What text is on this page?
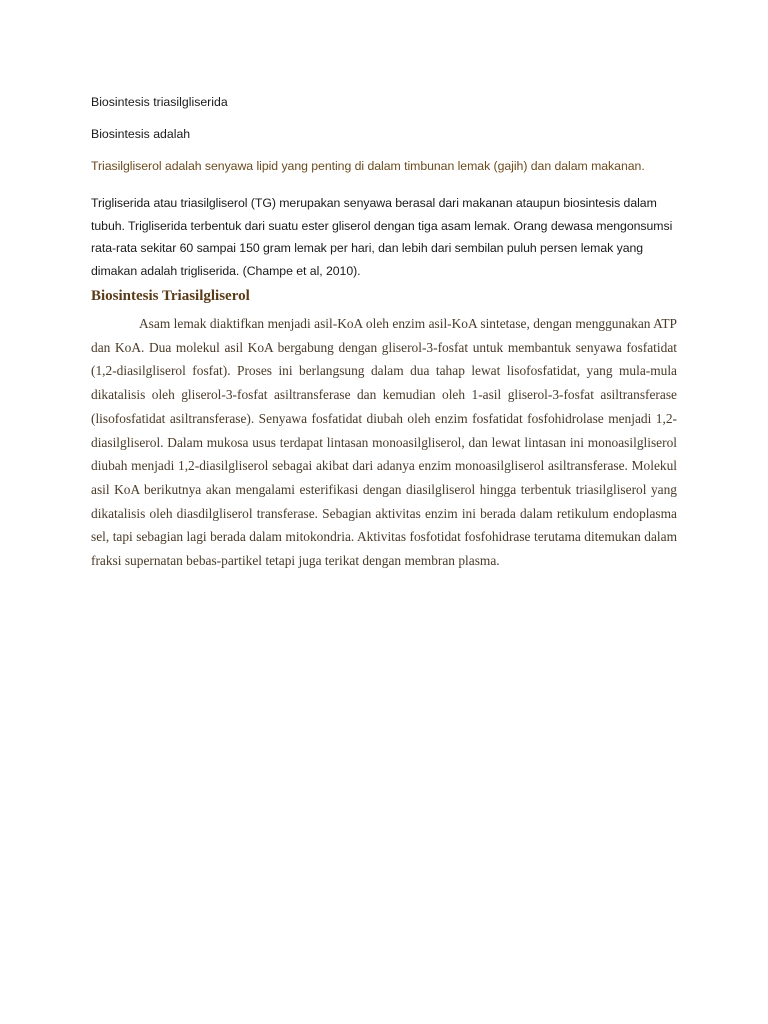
Biosintesis triasilgliserida

Biosintesis adalah

Triasilgliserol adalah senyawa lipid yang penting di dalam timbunan lemak (gajih) dan dalam makanan.

Trigliserida atau triasilgliserol (TG) merupakan senyawa berasal dari makanan ataupun biosintesis dalam tubuh. Trigliserida terbentuk dari suatu ester gliserol dengan tiga asam lemak. Orang dewasa mengonsumsi rata-rata sekitar 60 sampai 150 gram lemak per hari, dan lebih dari sembilan puluh persen lemak yang dimakan adalah trigliserida. (Champe et al, 2010).

Biosintesis Triasilgliserol

Asam lemak diaktifkan menjadi asil-KoA oleh enzim asil-KoA sintetase, dengan menggunakan ATP dan KoA. Dua molekul asil KoA bergabung dengan gliserol-3-fosfat untuk membantuk senyawa fosfatidat (1,2-diasilgliserol fosfat). Proses ini berlangsung dalam dua tahap lewat lisofosfatidat, yang mula-mula dikatalisis oleh gliserol-3-fosfat asiltransferase dan kemudian oleh 1-asil gliserol-3-fosfat asiltransferase (lisofosfatidat asiltransferase). Senyawa fosfatidat diubah oleh enzim fosfatidat fosfohidrolase menjadi 1,2-diasilgliserol. Dalam mukosa usus terdapat lintasan monoasilgliserol, dan lewat lintasan ini monoasilgliserol diubah menjadi 1,2-diasilgliserol sebagai akibat dari adanya enzim monoasilgliserol asiltransferase. Molekul asil KoA berikutnya akan mengalami esterifikasi dengan diasilgliserol hingga terbentuk triasilgliserol yang dikatalisis oleh diasdilgliserol transferase. Sebagian aktivitas enzim ini berada dalam retikulum endoplasma sel, tapi sebagian lagi berada dalam mitokondria. Aktivitas fosfotidat fosfohidrase terutama ditemukan dalam fraksi supernatan bebas-partikel tetapi juga terikat dengan membran plasma.
